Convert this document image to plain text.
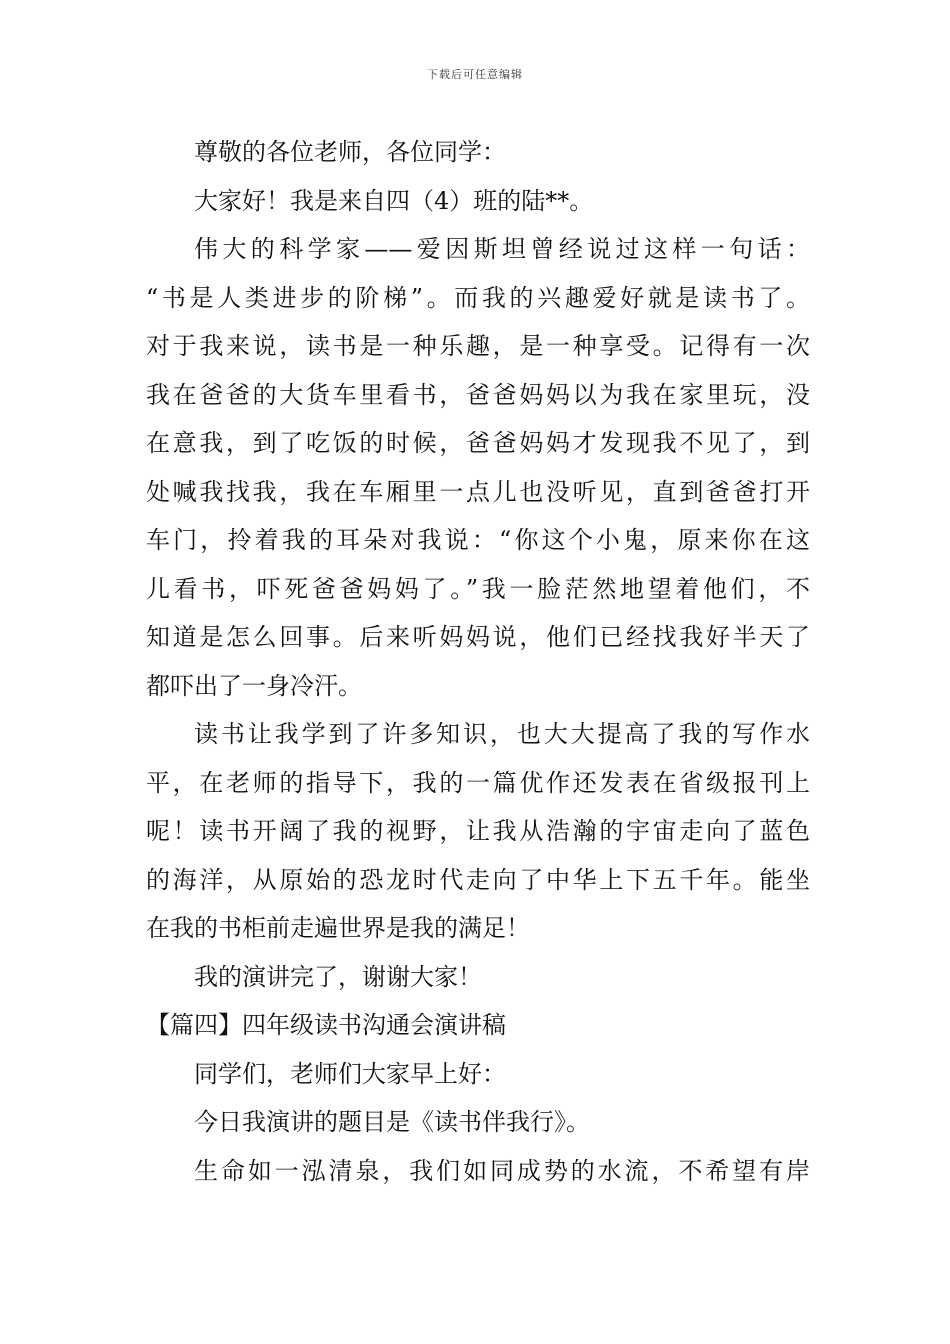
下载后可任意编辑
尊敬的各位老师，各位同学：
大家好！我是来自四（4）班的陆**。
伟大的科学家——爱因斯坦曾经说过这样一句话：
“书是人类进步的阶梯”。而我的兴趣爱好就是读书了。
对于我来说，读书是一种乐趣，是一种享受。记得有一次
我在爸爸的大货车里看书，爸爸妈妈以为我在家里玩，没
在意我，到了吃饭的时候，爸爸妈妈才发现我不见了，到
处喊我找我，我在车厢里一点儿也没听见，直到爸爸打开
车门，拎着我的耳朵对我说：“你这个小鬼，原来你在这
儿看书，吓死爸爸妈妈了。”我一脸茫然地望着他们，不
知道是怎么回事。后来听妈妈说，他们已经找我好半天了
都吓出了一身冷汗。
读书让我学到了许多知识，也大大提高了我的写作水
平，在老师的指导下，我的一篇优作还发表在省级报刊上
呢！读书开阔了我的视野，让我从浩瀚的宇宙走向了蓝色
的海洋，从原始的恐龙时代走向了中华上下五千年。能坐
在我的书柜前走遍世界是我的满足！
我的演讲完了，谢谢大家！
【篇四】四年级读书沟通会演讲稿
同学们，老师们大家早上好：
今日我演讲的题目是《读书伴我行》。
生命如一泓清泉，我们如同成势的水流，不希望有岸
